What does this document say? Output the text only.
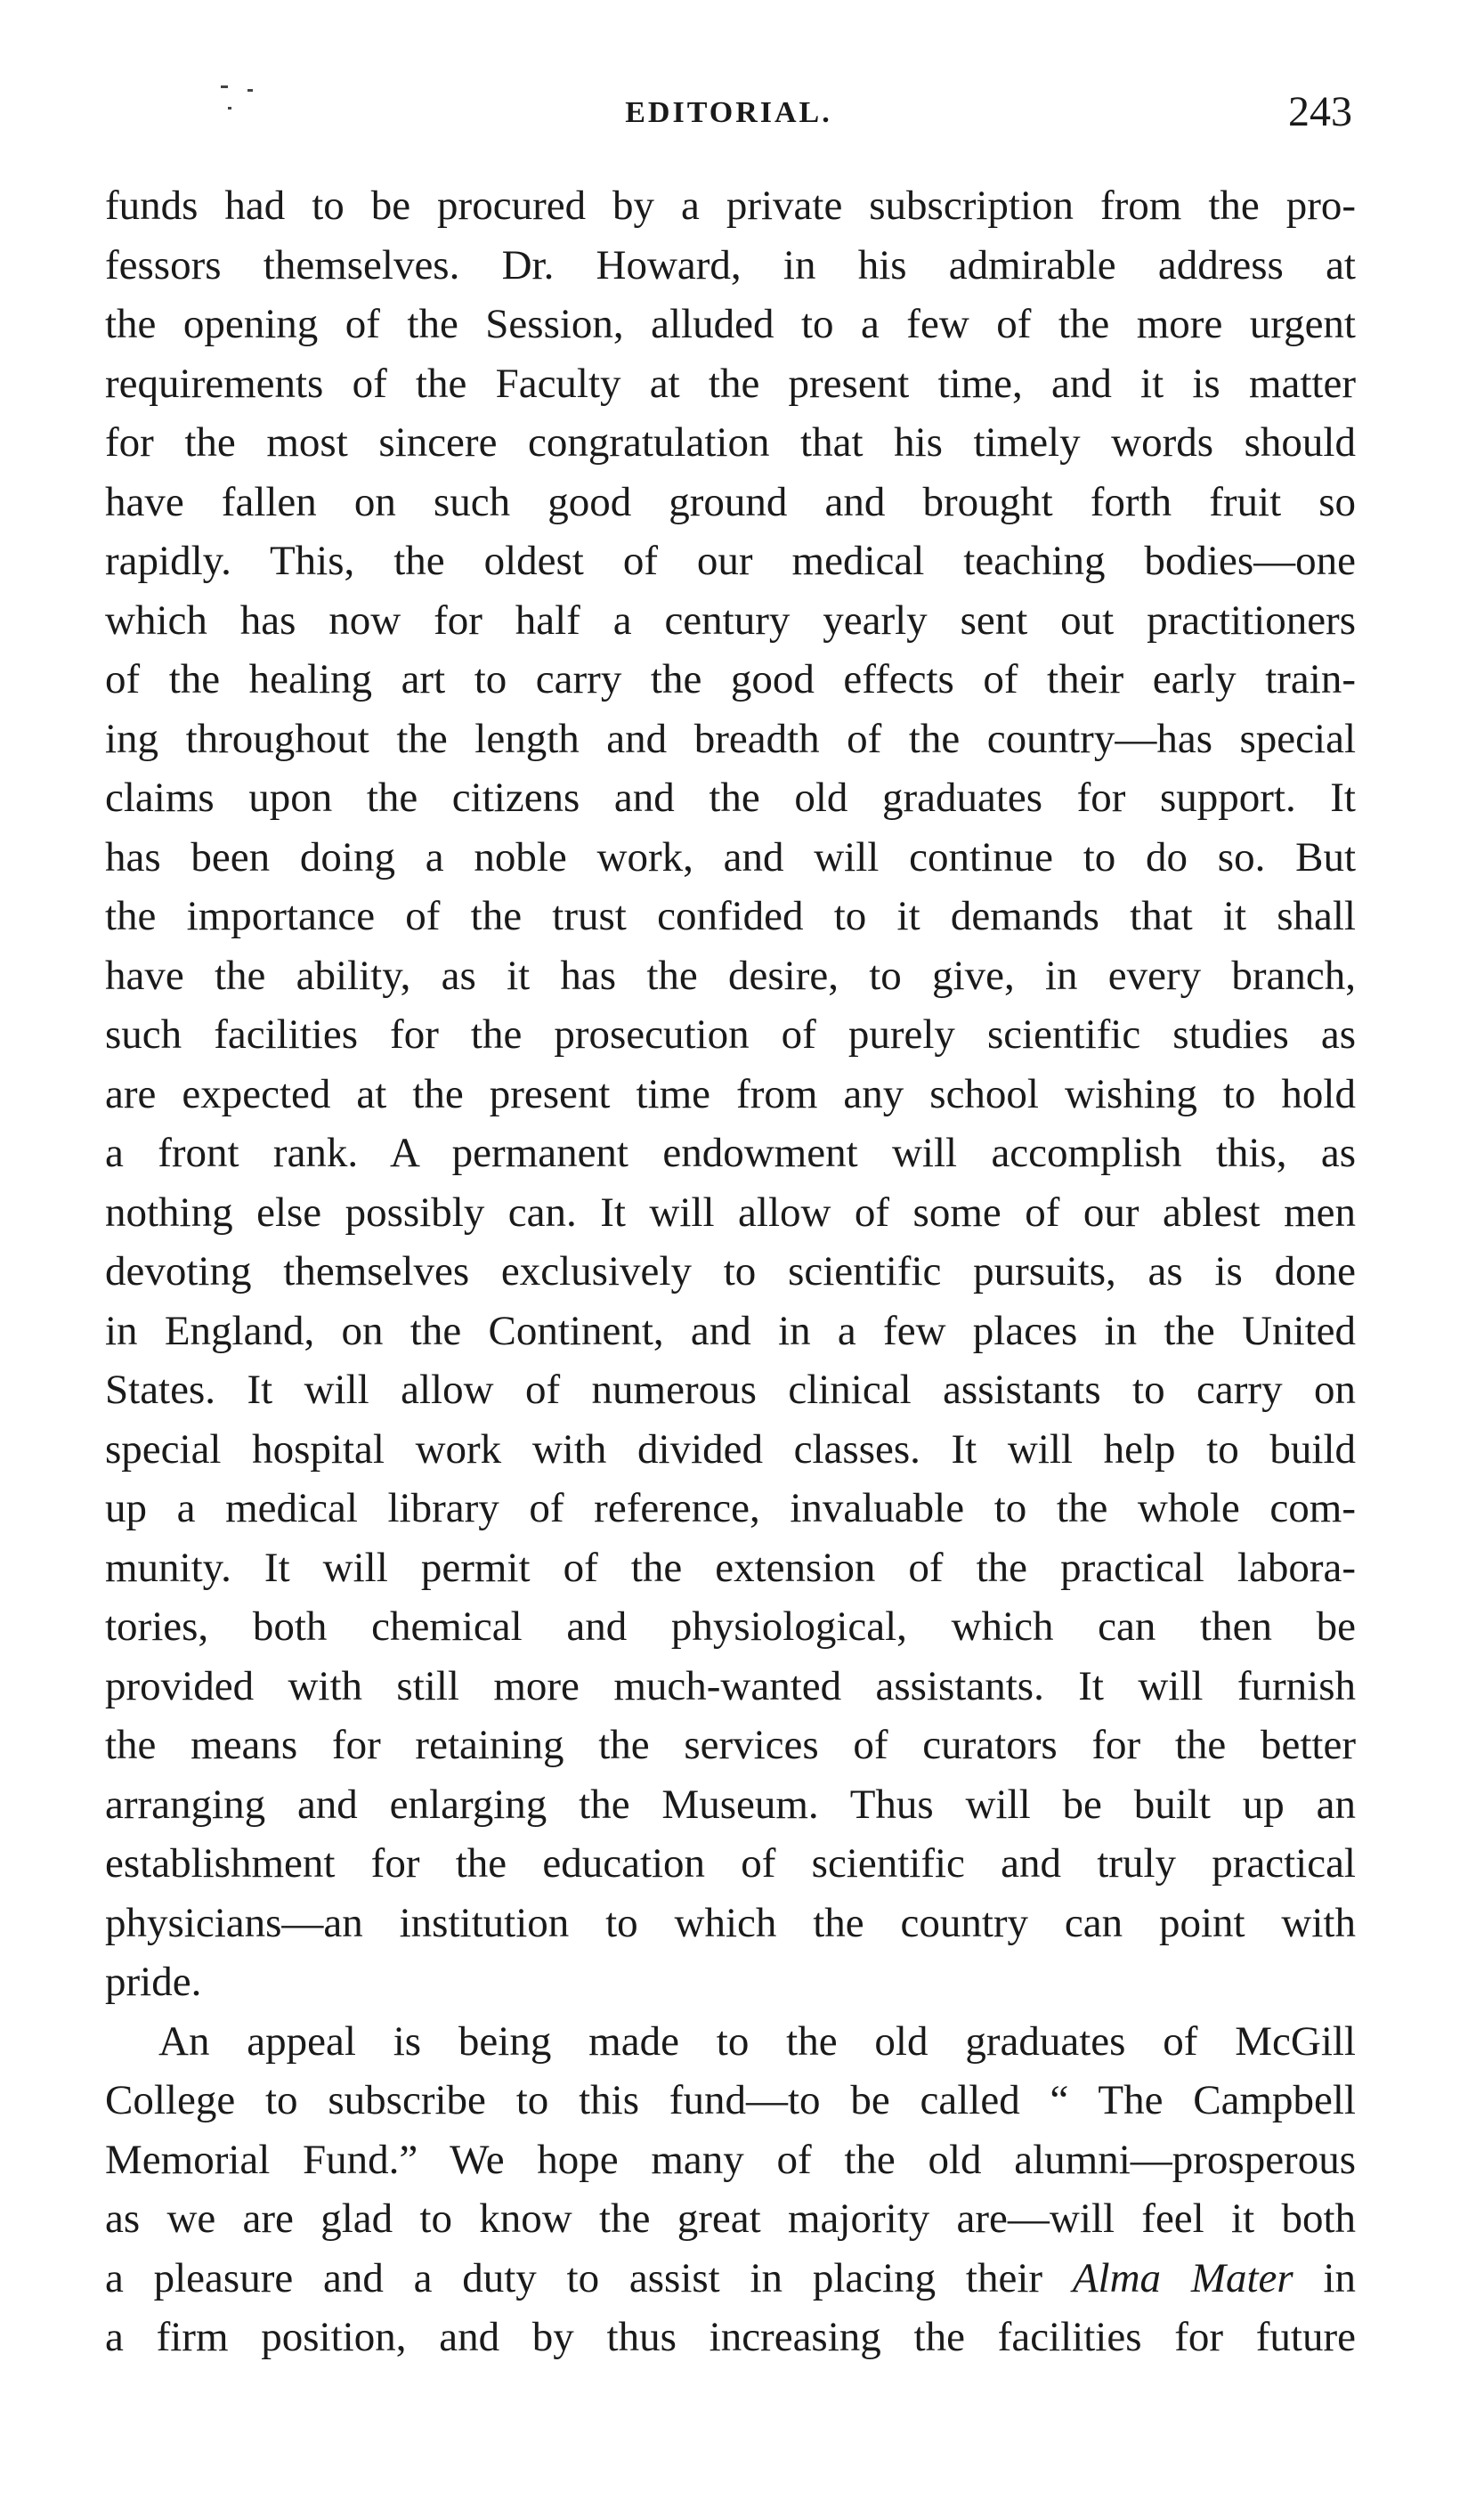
EDITORIAL.	243
funds had to be procured by a private subscription from the pro-
fessors themselves. Dr. Howard, in his admirable address at
the opening of the Session, alluded to a few of the more urgent
requirements of the Faculty at the present time, and it is matter
for the most sincere congratulation that his timely words should
have fallen on such good ground and brought forth fruit so
rapidly. This, the oldest of our medical teaching bodies—one
which has now for half a century yearly sent out practitioners
of the healing art to carry the good effects of their early train-
ing throughout the length and breadth of the country—has special
claims upon the citizens and the old graduates for support. It
has been doing a noble work, and will continue to do so. But
the importance of the trust confided to it demands that it shall
have the ability, as it has the desire, to give, in every branch,
such facilities for the prosecution of purely scientific studies as
are expected at the present time from any school wishing to hold
a front rank. A permanent endowment will accomplish this, as
nothing else possibly can. It will allow of some of our ablest men
devoting themselves exclusively to scientific pursuits, as is done
in England, on the Continent, and in a few places in the United
States. It will allow of numerous clinical assistants to carry on
special hospital work with divided classes. It will help to build
up a medical library of reference, invaluable to the whole com-
munity. It will permit of the extension of the practical labora-
tories, both chemical and physiological, which can then be
provided with still more much-wanted assistants. It will furnish
the means for retaining the services of curators for the better
arranging and enlarging the Museum. Thus will be built up an
establishment for the education of scientific and truly practical
physicians—an institution to which the country can point with
pride.
An appeal is being made to the old graduates of McGill
College to subscribe to this fund—to be called “ The Campbell
Memorial Fund.” We hope many of the old alumni—prosperous
as we are glad to know the great majority are—will feel it both
a pleasure and a duty to assist in placing their Alma Mater in
a firm position, and by thus increasing the facilities for future
